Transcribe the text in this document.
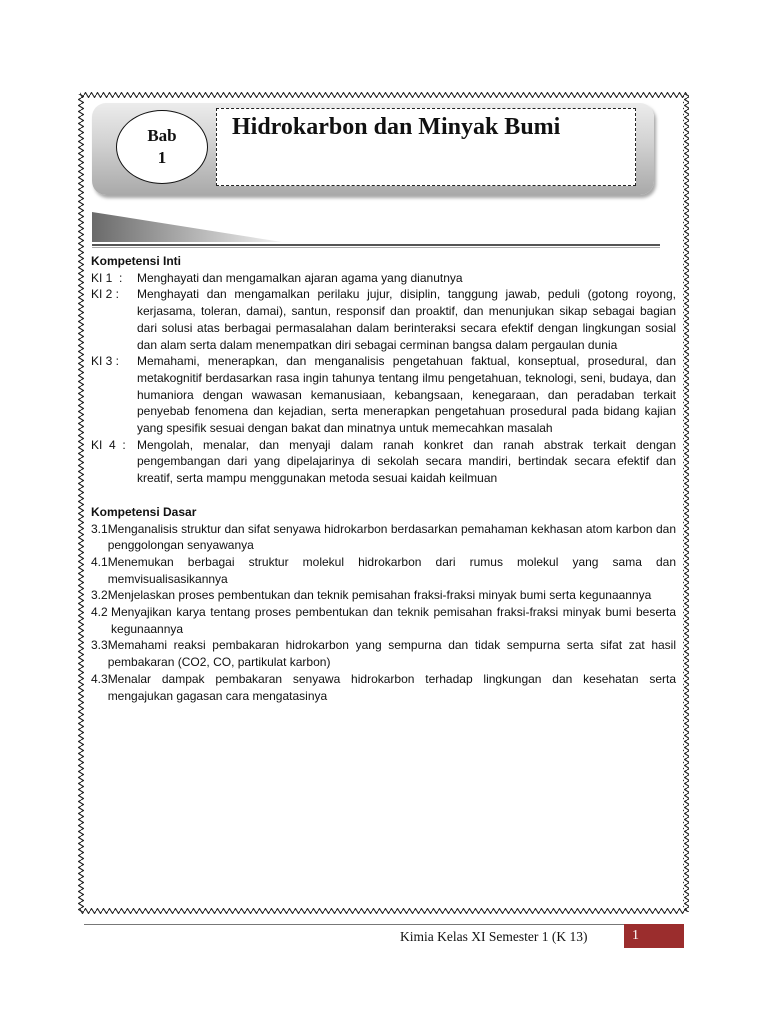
Bab
1
Hidrokarbon dan Minyak Bumi
Kompetensi Inti
KI 1  :	Menghayati dan mengamalkan ajaran agama yang dianutnya
KI 2 :	Menghayati dan mengamalkan perilaku jujur, disiplin, tanggung jawab, peduli (gotong royong, kerjasama, toleran, damai), santun, responsif dan proaktif, dan menunjukan sikap sebagai bagian dari solusi atas berbagai permasalahan dalam berinteraksi secara efektif dengan lingkungan sosial dan alam serta dalam menempatkan diri sebagai cerminan bangsa dalam pergaulan dunia
KI 3 :	Memahami, menerapkan, dan menganalisis pengetahuan faktual, konseptual, prosedural, dan metakognitif berdasarkan rasa ingin tahunya tentang ilmu pengetahuan, teknologi, seni, budaya, dan humaniora dengan wawasan kemanusiaan, kebangsaan, kenegaraan, dan peradaban terkait penyebab fenomena dan kejadian, serta menerapkan pengetahuan prosedural pada bidang kajian yang spesifik sesuai dengan bakat dan minatnya untuk memecahkan masalah
KI  4  : Mengolah, menalar, dan menyaji dalam ranah konkret dan ranah abstrak terkait dengan pengembangan dari yang dipelajarinya di sekolah secara mandiri, bertindak secara efektif dan kreatif, serta mampu menggunakan metoda sesuai kaidah keilmuan
Kompetensi Dasar
3.1 Menganalisis struktur dan sifat senyawa hidrokarbon berdasarkan pemahaman kekhasan atom karbon dan penggolongan senyawanya
4.1 Menemukan berbagai struktur molekul hidrokarbon dari rumus molekul yang sama dan memvisualisasikannya
3.2 Menjelaskan proses pembentukan dan teknik pemisahan fraksi-fraksi minyak bumi serta kegunaannya
4.2 Menyajikan karya tentang proses pembentukan dan teknik pemisahan fraksi-fraksi minyak bumi beserta kegunaannya
3.3 Memahami reaksi pembakaran hidrokarbon yang sempurna dan tidak sempurna serta sifat zat hasil pembakaran (CO2, CO, partikulat karbon)
4.3 Menalar dampak pembakaran senyawa hidrokarbon terhadap lingkungan dan kesehatan serta mengajukan gagasan cara mengatasinya
Kimia Kelas XI Semester 1 (K 13)	1
